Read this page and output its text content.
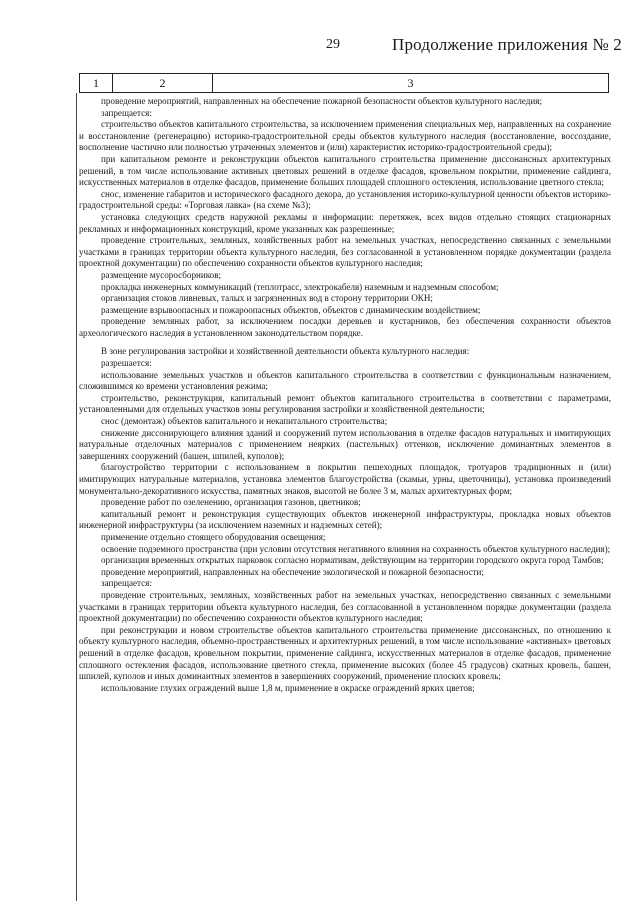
29	Продолжение приложения № 2
1	2	3

проведение мероприятий, направленных на обеспечение пожарной безопасности объектов культурного наследия;

запрещается:

строительство объектов капитального строительства, за исключением применения специальных мер, направленных на сохранение и восстановление (регенерацию) историко-градостроительной среды объектов культурного наследия (восстановление, воссоздание, восполнение частично или полностью утраченных элементов и (или) характеристик историко-градостроительной среды);

при капитальном ремонте и реконструкции объектов капитального строительства применение диссонансных архитектурных решений, в том числе использование активных цветовых решений в отделке фасадов, кровельном покрытии, применение сайдинга, искусственных материалов в отделке фасадов, применение больших площадей сплошного остекления, использование цветного стекла;

снос, изменение габаритов и исторического фасадного декора, до установления историко-культурной ценности объектов историко-градостроительной среды: «Торговая лавка» (на схеме №3);

установка следующих средств наружной рекламы и информации: перетяжек, всех видов отдельно стоящих стационарных рекламных и информационных конструкций, кроме указанных как разрешенные;

проведение строительных, земляных, хозяйственных работ на земельных участках, непосредственно связанных с земельными участками в границах территории объекта культурного наследия, без согласованной в установленном порядке документации (раздела проектной документации) по обеспечению сохранности объектов культурного наследия;

размещение мусоросборников;

прокладка инженерных коммуникаций (теплотрасс, электрокабеля) наземным и надземным способом;

организация стоков ливневых, талых и загрязненных вод в сторону территории ОКН;

размещение взрывоопасных и пожароопасных объектов, объектов с динамическим воздействием;

проведение земляных работ, за исключением посадки деревьев и кустарников, без обеспечения сохранности объектов археологического наследия в установленном законодательством порядке.

В зоне регулирования застройки и хозяйственной деятельности объекта культурного наследия:

разрешается:

использование земельных участков и объектов капитального строительства в соответствии с функциональным назначением, сложившимся ко времени установления режима;

строительство, реконструкция, капитальный ремонт объектов капитального строительства в соответствии с параметрами, установленными для отдельных участков зоны регулирования застройки и хозяйственной деятельности;

снос (демонтаж) объектов капитального и некапитального строительства;

снижение диссонирующего влияния зданий и сооружений путем использования в отделке фасадов натуральных и имитирующих натуральные отделочных материалов с применением неярких (пастельных) оттенков, исключение доминантных элементов в завершениях сооружений (башен, шпилей, куполов);

благоустройство территории с использованием в покрытии пешеходных площадок, тротуаров традиционных и (или) имитирующих натуральные материалов, установка элементов благоустройства (скамьи, урны, цветочницы), установка произведений монументально-декоративного искусства, памятных знаков, высотой не более 3 м, малых архитектурных форм;

проведение работ по озеленению, организация газонов, цветников;

капитальный ремонт и реконструкция существующих объектов инженерной инфраструктуры, прокладка новых объектов инженерной инфраструктуры (за исключением наземных и надземных сетей);

применение отдельно стоящего оборудования освещения;

освоение подземного пространства (при условии отсутствия негативного влияния на сохранность объектов культурного наследия);

организация временных открытых парковок согласно нормативам, действующим на территории городского округа город Тамбов;

проведение мероприятий, направленных на обеспечение экологической и пожарной безопасности;

запрещается:

проведение строительных, земляных, хозяйственных работ на земельных участках, непосредственно связанных с земельными участками в границах территории объекта культурного наследия, без согласованной в установленном порядке документации (раздела проектной документации) по обеспечению сохранности объектов культурного наследия;

при реконструкции и новом строительстве объектов капитального строительства применение диссонансных, по отношению к объекту культурного наследия, объемно-пространственных и архитектурных решений, в том числе использование «активных» цветовых решений в отделке фасадов, кровельном покрытии, применение сайдинга, искусственных материалов в отделке фасадов, применение сплошного остекления фасадов, использование цветного стекла, применение высоких (более 45 градусов) скатных кровель, башен, шпилей, куполов и иных доминантных элементов в завершениях сооружений, применение плоских кровель;

использование глухих ограждений выше 1,8 м, применение в окраске ограждений ярких цветов;
